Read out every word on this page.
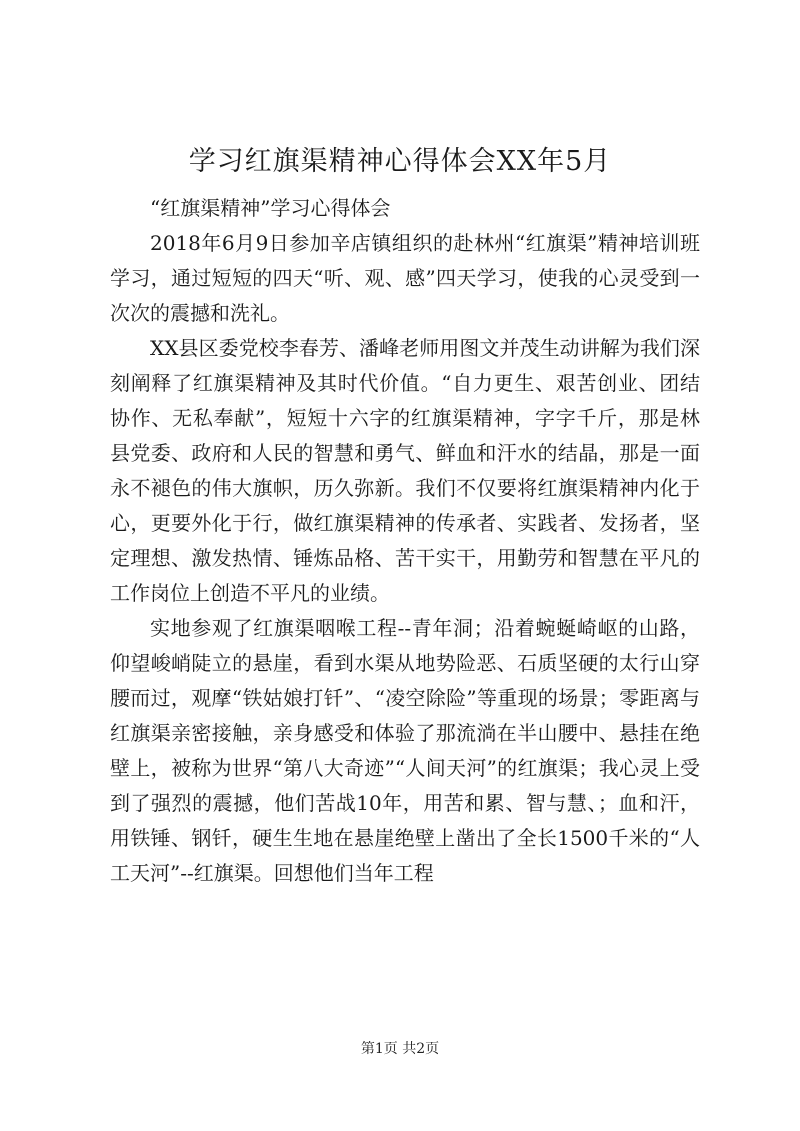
学习红旗渠精神心得体会XX年5月

“红旗渠精神”学习心得体会

2018年6月9日参加辛店镇组织的赴林州“红旗渠”精神培训班学习，通过短短的四天“听、观、感”四天学习，使我的心灵受到一次次的震撼和洗礼。

XX县区委党校李春芳、潘峰老师用图文并茂生动讲解为我们深刻阐释了红旗渠精神及其时代价值。“自力更生、艰苦创业、团结协作、无私奉献”，短短十六字的红旗渠精神，字字千斤，那是林县党委、政府和人民的智慧和勇气、鲜血和汗水的结晶，那是一面永不褪色的伟大旗帜，历久弥新。我们不仅要将红旗渠精神内化于心，更要外化于行，做红旗渠精神的传承者、实践者、发扬者，坚定理想、激发热情、锤炼品格、苦干实干，用勤劳和智慧在平凡的工作岗位上创造不平凡的业绩。

实地参观了红旗渠咽喉工程--青年洞；沿着蜿蜒崎岖的山路，仰望峻峭陡立的悬崖，看到水渠从地势险恶、石质坚硬的太行山穿腰而过，观摩“铁姑娘打钎”、“凌空除险”等重现的场景；零距离与红旗渠亲密接触，亲身感受和体验了那流淌在半山腰中、悬挂在绝壁上，被称为世界“第八大奇迹”“人间天河”的红旗渠；我心灵上受到了强烈的震撼，他们苦战10年，用苦和累、智与慧、；血和汗，用铁锤、钢钎，硬生生地在悬崖绝壁上凿出了全长1500千米的“人工天河”--红旗渠。回想他们当年工程

第1页 共2页
